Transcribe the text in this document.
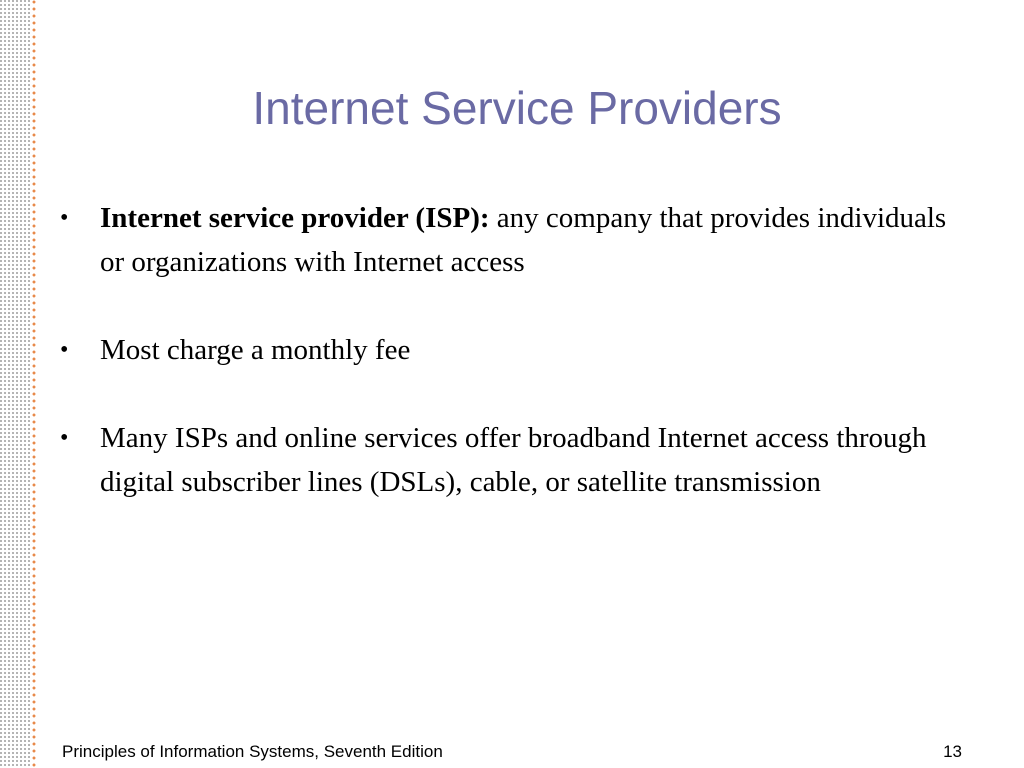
Internet Service Providers
•	Internet service provider (ISP): any company that provides individuals or organizations with Internet access
•	Most charge a monthly fee
•	Many ISPs and online services offer broadband Internet access through digital subscriber lines (DSLs), cable, or satellite transmission
Principles of Information Systems, Seventh Edition	13
